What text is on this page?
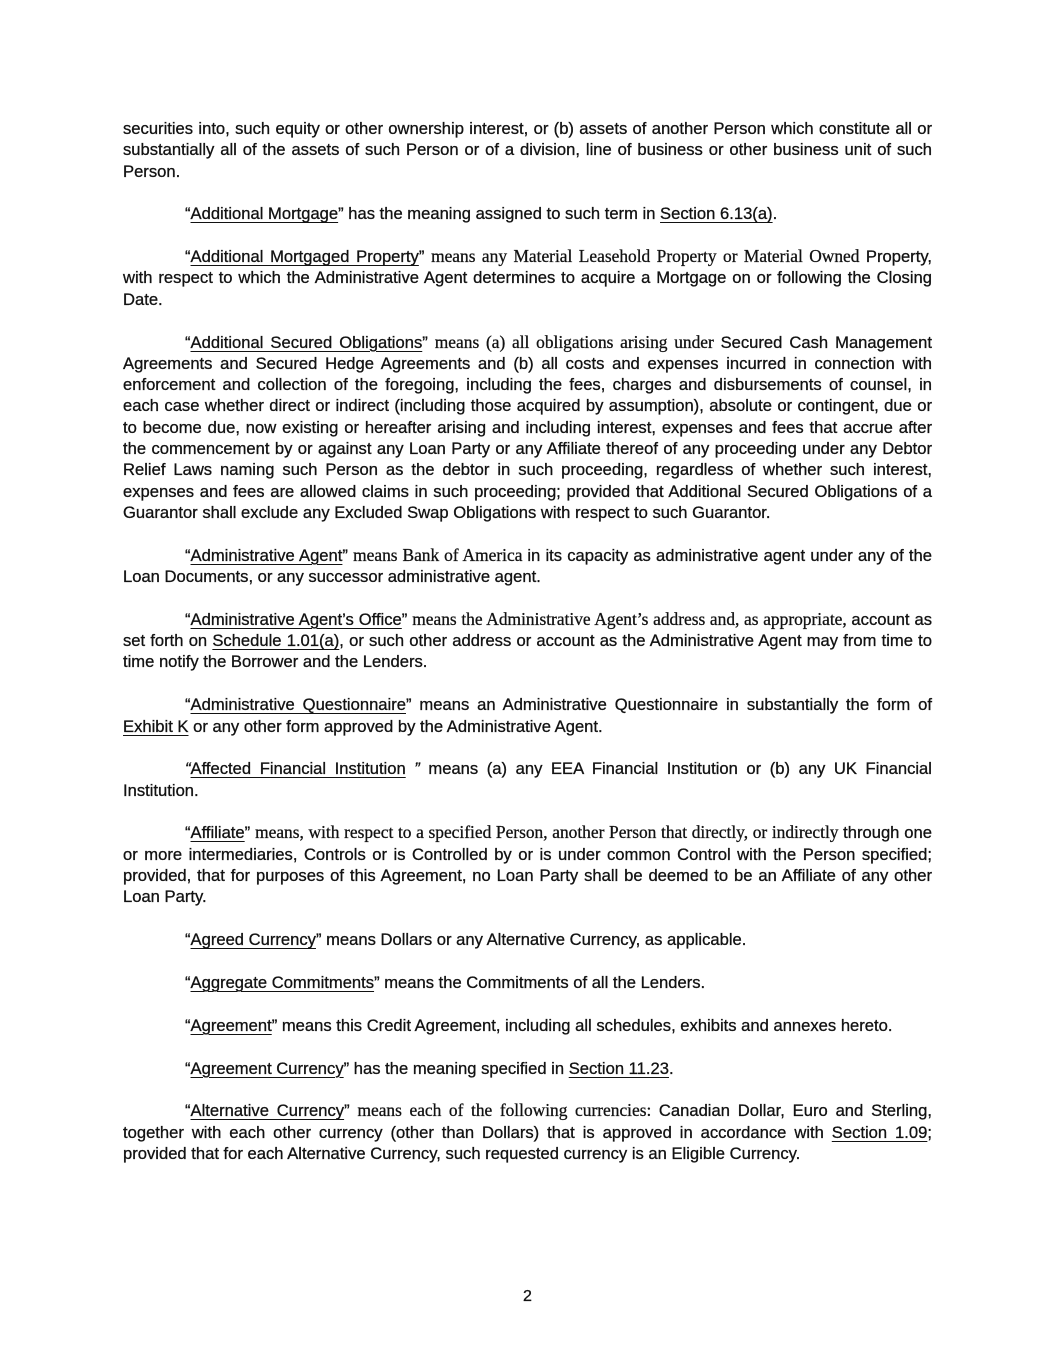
securities into, such equity or other ownership interest, or (b) assets of another Person which constitute all or substantially all of the assets of such Person or of a division, line of business or other business unit of such Person.

“Additional Mortgage” has the meaning assigned to such term in Section 6.13(a).

“Additional Mortgaged Property” means any Material Leasehold Property or Material Owned Property, with respect to which the Administrative Agent determines to acquire a Mortgage on or following the Closing Date.

“Additional Secured Obligations” means (a) all obligations arising under Secured Cash Management Agreements and Secured Hedge Agreements and (b) all costs and expenses incurred in connection with enforcement and collection of the foregoing, including the fees, charges and disbursements of counsel, in each case whether direct or indirect (including those acquired by assumption), absolute or contingent, due or to become due, now existing or hereafter arising and including interest, expenses and fees that accrue after the commencement by or against any Loan Party or any Affiliate thereof of any proceeding under any Debtor Relief Laws naming such Person as the debtor in such proceeding, regardless of whether such interest, expenses and fees are allowed claims in such proceeding; provided that Additional Secured Obligations of a Guarantor shall exclude any Excluded Swap Obligations with respect to such Guarantor.

“Administrative Agent” means Bank of America in its capacity as administrative agent under any of the Loan Documents, or any successor administrative agent.

“Administrative Agent’s Office” means the Administrative Agent’s address and, as appropriate, account as set forth on Schedule 1.01(a), or such other address or account as the Administrative Agent may from time to time notify the Borrower and the Lenders.

“Administrative Questionnaire” means an Administrative Questionnaire in substantially the form of Exhibit K or any other form approved by the Administrative Agent.

“Affected Financial Institution ” means (a) any EEA Financial Institution or (b) any UK Financial Institution.

“Affiliate” means, with respect to a specified Person, another Person that directly, or indirectly through one or more intermediaries, Controls or is Controlled by or is under common Control with the Person specified; provided, that for purposes of this Agreement, no Loan Party shall be deemed to be an Affiliate of any other Loan Party.

“Agreed Currency” means Dollars or any Alternative Currency, as applicable.

“Aggregate Commitments” means the Commitments of all the Lenders.

“Agreement” means this Credit Agreement, including all schedules, exhibits and annexes hereto.

“Agreement Currency” has the meaning specified in Section 11.23.

“Alternative Currency” means each of the following currencies: Canadian Dollar, Euro and Sterling, together with each other currency (other than Dollars) that is approved in accordance with Section 1.09; provided that for each Alternative Currency, such requested currency is an Eligible Currency.

2
